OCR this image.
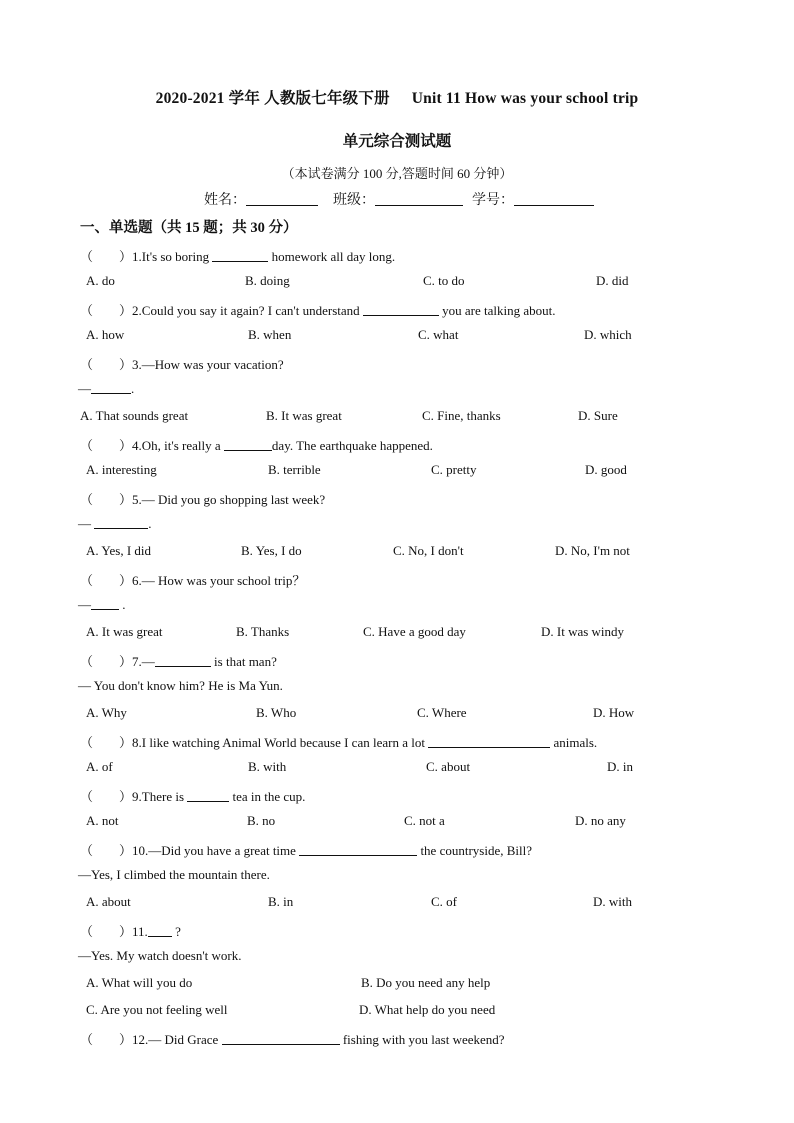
2020-2021 学年 人教版七年级下册 Unit 11 How was your school trip
单元综合测试题
（本试卷满分 100 分,答题时间 60 分钟）
姓名：	班级：	学号：
一、单选题（共 15 题；共 30 分）
（ ）1.It's so boring	homework all day long.
A. do	B. doing	C. to do	D. did
（ ）2.Could you say it again? I can't understand	you are talking about.
A. how	B. when	C. what	D. which
（ ）3.—How was your vacation?
—	.
A. That sounds great	B. It was great	C. Fine, thanks	D. Sure
（ ）4.Oh, it's really a	day. The earthquake happened.
A. interesting	B. terrible	C. pretty	D. good
（ ）5.— Did you go shopping last week?
—	.
A. Yes, I did	B. Yes, I do	C. No, I don't	D. No, I'm not
（ ）6.— How was your school trip？
— .
A. It was great	B. Thanks	C. Have a good day	D. It was windy
（ ）7.—	is that man?
— You don't know him? He is Ma Yun.
A. Why	B. Who	C. Where	D. How
（ ）8.I like watching Animal World because I can learn a lot	animals.
A. of	B. with	C. about	D. in
（ ）9.There is	tea in the cup.
A. not	B. no	C. not a	D. no any
（ ）10.—Did you have a great time	the countryside, Bill?
—Yes, I climbed the mountain there.
A. about	B. in	C. of	D. with
（ ）11. ?
—Yes. My watch doesn't work.
A. What will you do	B. Do you need any help
C. Are you not feeling well	D. What help do you need
（ ）12.— Did Grace	fishing with you last weekend?
